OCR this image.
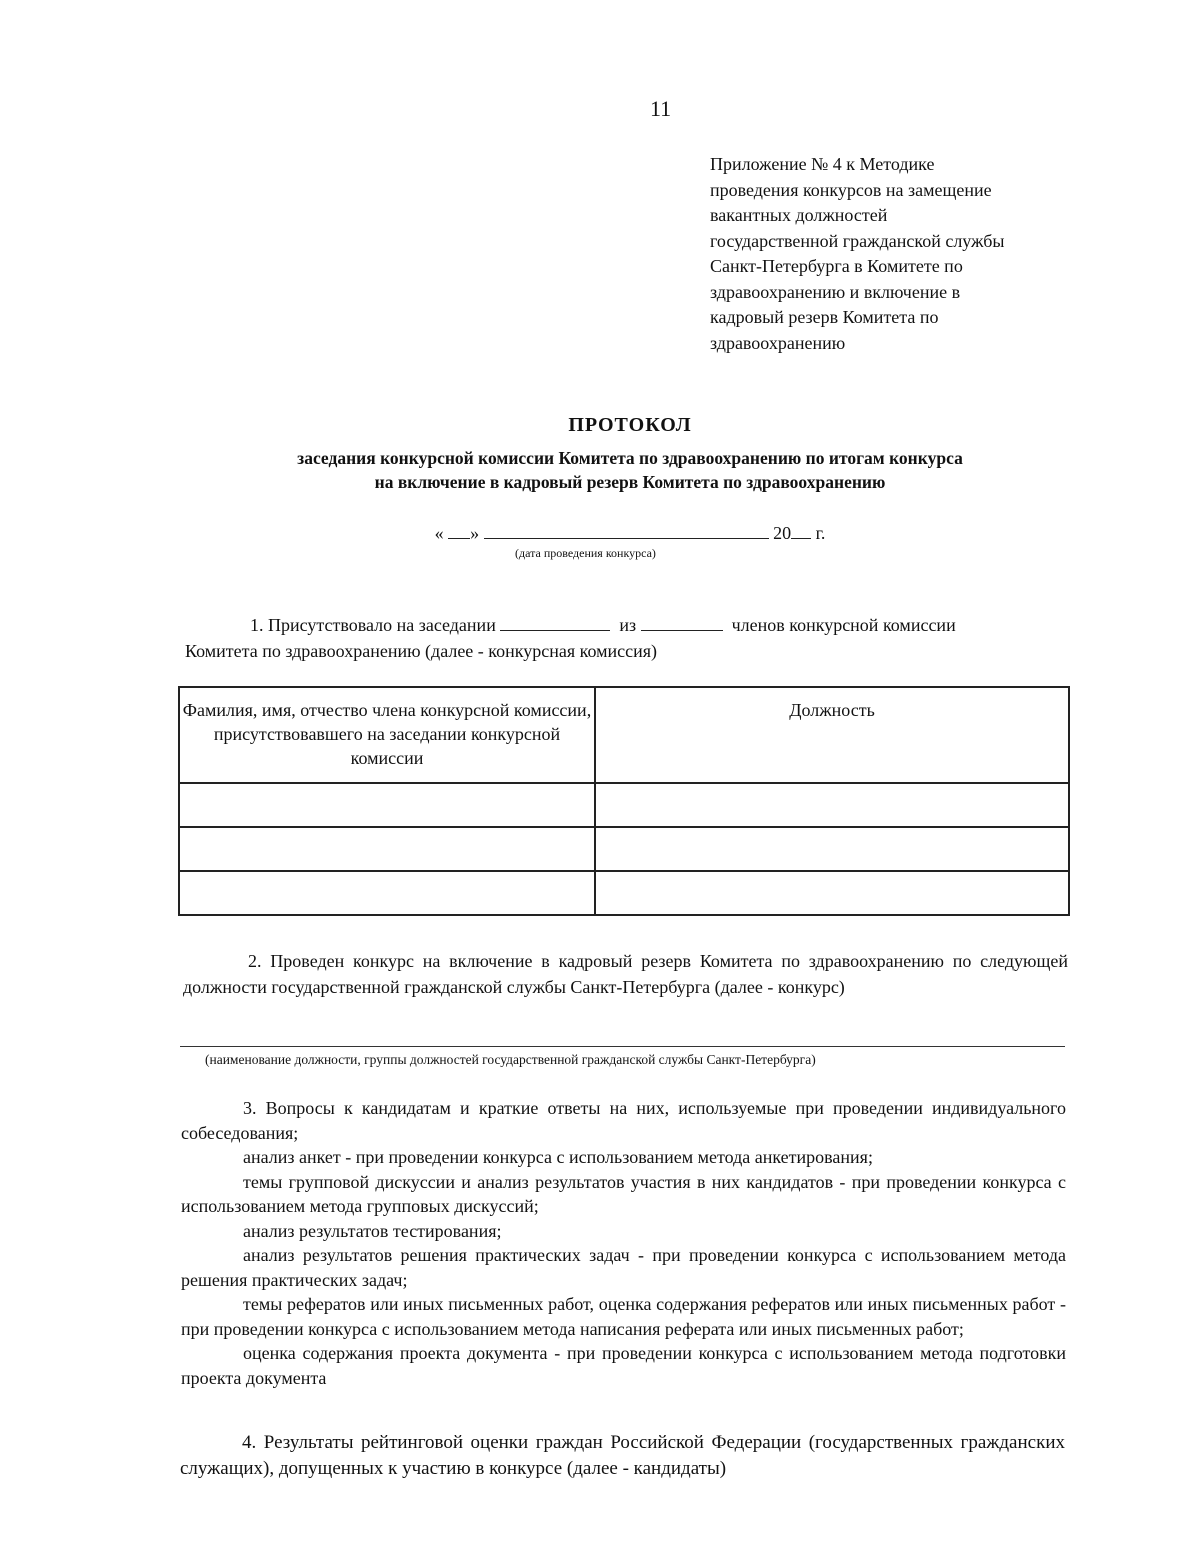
11
Приложение № 4 к Методике
проведения конкурсов на замещение
вакантных должностей
государственной гражданской службы
Санкт-Петербурга в Комитете по
здравоохранению и включение в
кадровый резерв Комитета по
здравоохранению
ПРОТОКОЛ
заседания конкурсной комиссии Комитета по здравоохранению по итогам конкурса
на включение в кадровый резерв Комитета по здравоохранению
« »	20 г.
(дата проведения конкурса)
1. Присутствовало на заседании	из	членов конкурсной комиссии
Комитета по здравоохранению (далее - конкурсная комиссия)
Фамилия, имя, отчество члена конкурсной комиссии, присутствовавшего на заседании конкурсной комиссии	Должность

2. Проведен конкурс на включение в кадровый резерв Комитета по здравоохранению по следующей должности государственной гражданской службы Санкт-Петербурга (далее - конкурс)
(наименование должности, группы должностей государственной гражданской службы Санкт-Петербурга)

3. Вопросы к кандидатам и краткие ответы на них, используемые при проведении индивидуального собеседования;

анализ анкет - при проведении конкурса с использованием метода анкетирования;

темы групповой дискуссии и анализ результатов участия в них кандидатов - при проведении конкурса с использованием метода групповых дискуссий;

анализ результатов тестирования;

анализ результатов решения практических задач - при проведении конкурса с использованием метода решения практических задач;

темы рефератов или иных письменных работ, оценка содержания рефератов или иных письменных работ - при проведении конкурса с использованием метода написания реферата или иных письменных работ;

оценка содержания проекта документа - при проведении конкурса с использованием метода подготовки проекта документа

4. Результаты рейтинговой оценки граждан Российской Федерации (государственных гражданских служащих), допущенных к участию в конкурсе (далее - кандидаты)
